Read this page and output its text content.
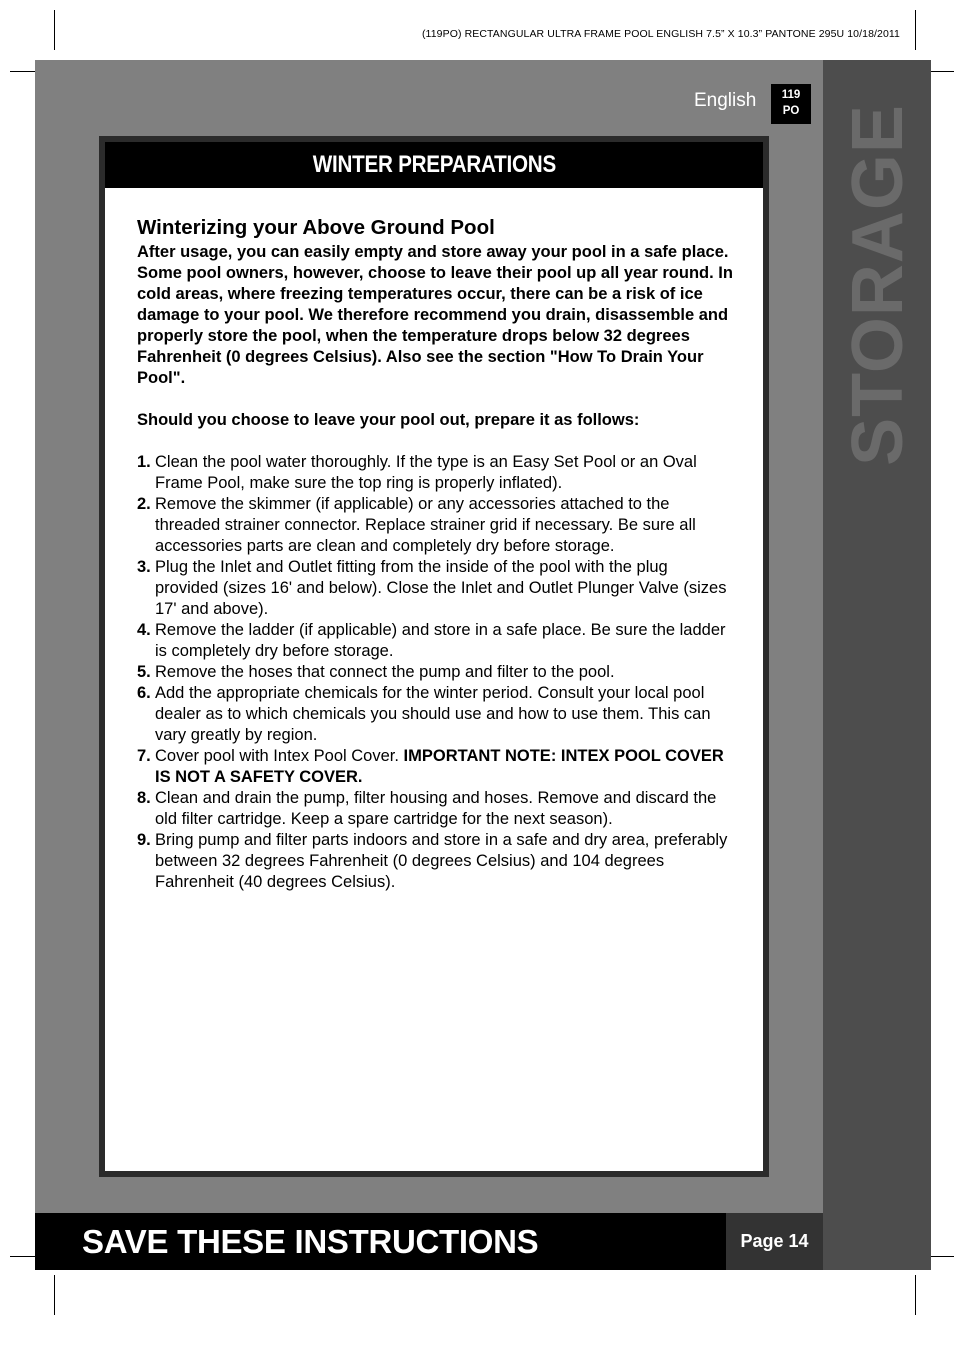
(119PO) RECTANGULAR ULTRA FRAME POOL ENGLISH 7.5” X 10.3” PANTONE 295U 10/18/2011
STORAGE
English 119
PO
WINTER PREPARATIONS
Winterizing your Above Ground Pool

After usage, you can easily empty and store away your pool in a safe place. Some pool owners, however, choose to leave their pool up all year round. In cold areas, where freezing temperatures occur, there can be a risk of ice damage to your pool. We therefore recommend you drain, disassemble and properly store the pool, when the temperature drops below 32 degrees Fahrenheit (0 degrees Celsius). Also see the section "How To Drain Your Pool".

Should you choose to leave your pool out, prepare it as follows:

1. Clean the pool water thoroughly. If the type is an Easy Set Pool or an Oval Frame Pool, make sure the top ring is properly inflated).
2. Remove the skimmer (if applicable) or any accessories attached to the threaded strainer connector. Replace strainer grid if necessary. Be sure all accessories parts are clean and completely dry before storage.
3. Plug the Inlet and Outlet fitting from the inside of the pool with the plug provided (sizes 16' and below). Close the Inlet and Outlet Plunger Valve (sizes 17' and above).
4. Remove the ladder (if applicable) and store in a safe place. Be sure the ladder is completely dry before storage.
5. Remove the hoses that connect the pump and filter to the pool.
6. Add the appropriate chemicals for the winter period. Consult your local pool dealer as to which chemicals you should use and how to use them. This can vary greatly by region.
7. Cover pool with Intex Pool Cover. IMPORTANT NOTE: INTEX POOL COVER IS NOT A SAFETY COVER.
8. Clean and drain the pump, filter housing and hoses. Remove and discard the old filter cartridge. Keep a spare cartridge for the next season).
9. Bring pump and filter parts indoors and store in a safe and dry area, preferably between 32 degrees Fahrenheit (0 degrees Celsius) and 104 degrees Fahrenheit (40 degrees Celsius).
SAVE THESE INSTRUCTIONS	Page 14
